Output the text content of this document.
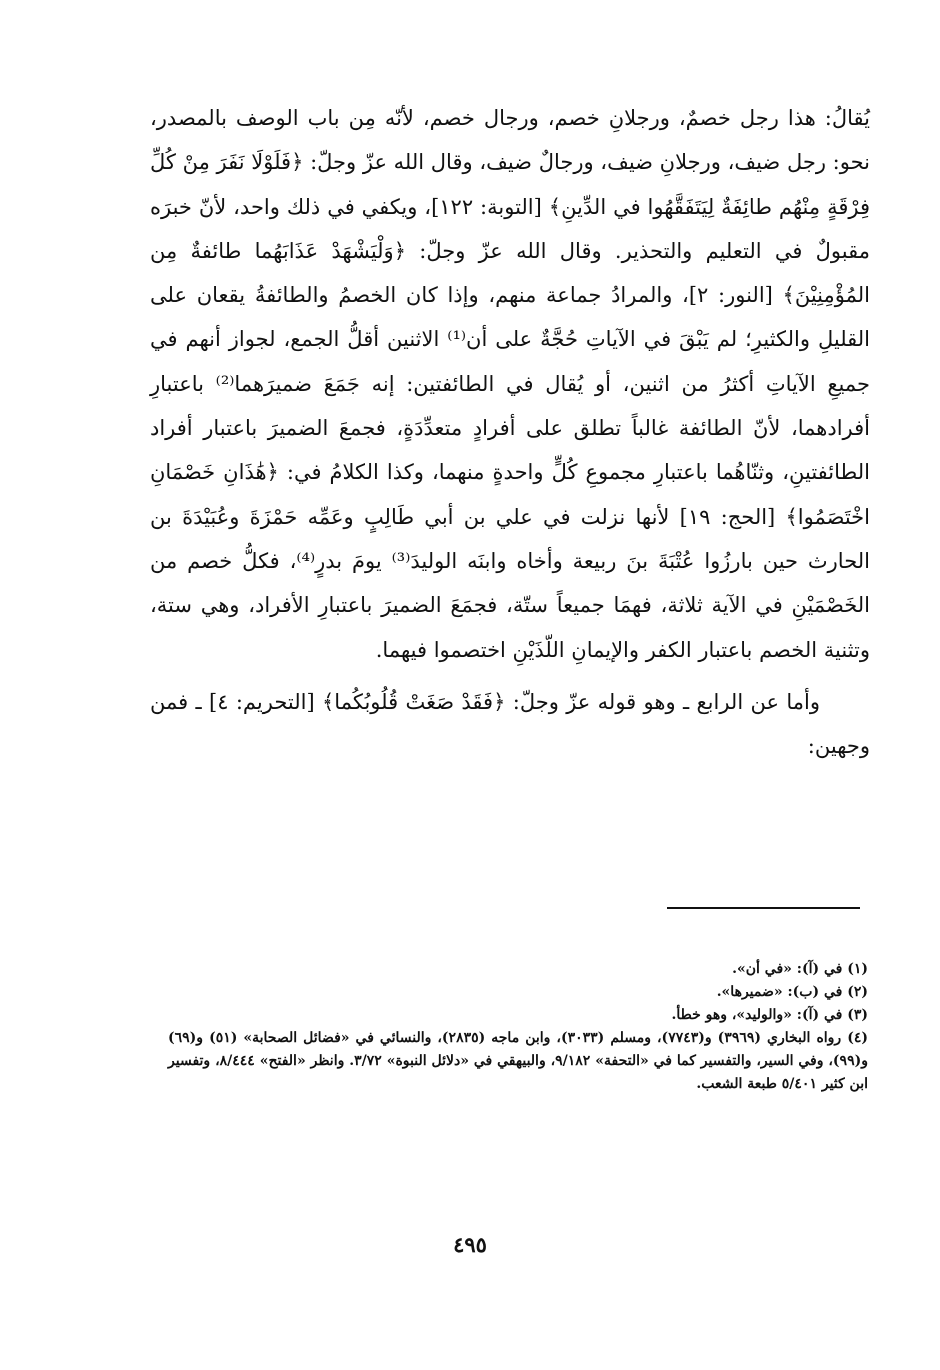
يُقالُ: هذا رجل خصمٌ، ورجلانِ خصم، ورجال خصم، لأنّه مِن باب الوصف بالمصدر، نحو: رجل ضيف، ورجلانِ ضيف، ورجالٌ ضيف، وقال الله عزّ وجلّ: ﴿فَلَوْلَا نَفَرَ مِنْ كُلِّ فِرْقَةٍ مِنْهُم طائِفَةٌ لِيَتَفَقَّهُوا في الدِّينِ﴾ [التوبة: ١٢٢]، ويكفي في ذلك واحد، لأنّ خبرَه مقبولٌ في التعليم والتحذير. وقال الله عزّ وجلّ: ﴿وَلْيَشْهَدْ عَذَابَهُما طائفةٌ مِن المُؤْمِنِيْنَ﴾ [النور: ٢]، والمرادُ جماعة منهم، وإذا كان الخصمُ والطائفةُ يقعان على القليلِ والكثيرِ؛ لم يَبْقَ في الآياتِ حُجَّةٌ على أن⁽¹⁾ الاثنين أقلُّ الجمع، لجواز أنهم في جميعِ الآياتِ أكثرُ من اثنين، أو يُقال في الطائفتين: إنه جَمَعَ ضميرَهما⁽²⁾ باعتبارِ أفرادهما، لأنّ الطائفة غالباً تطلق على أفرادٍ متعدِّدَةٍ، فجمعَ الضميرَ باعتبار أفراد الطائفتينِ، وثنّاهُما باعتبارِ مجموعِ كُلٍّ واحدةٍ منهما، وكذا الكلامُ في: ﴿هَٰذَانِ خَصْمَانِ اخْتَصَمُوا﴾ [الحج: ١٩] لأنها نزلت في علي بن أبي طَالِبٍ وعَمِّه حَمْزَةَ وعُبَيْدَةَ بن الحارث حين بارزُوا عُتْبَةَ بنَ ربيعة وأخاه وابنَه الوليدَ⁽³⁾ يومَ بدرٍ⁽⁴⁾، فكلُّ خصم من الخَصْمَيْنِ في الآية ثلاثة، فهمَا جميعاً ستّة، فجمَعَ الضميرَ باعتبارِ الأفراد، وهي ستة، وتثنية الخصم باعتبار الكفر والإيمانِ اللّذَيْنِ اختصموا فيهما.

وأما عن الرابع ـ وهو قوله عزّ وجلّ: ﴿فَقَدْ صَغَتْ قُلُوبُكُما﴾ [التحريم: ٤] ـ فمن وجهين:

(١) في (آ): «في أن».

(٢) في (ب): «ضميرها».

(٣) في (آ): «والوليد»، وهو خطأ.

(٤) رواه البخاري (٣٩٦٩) و(٧٧٤٣)، ومسلم (٣٠٣٣)، وابن ماجه (٢٨٣٥)، والنسائي في «فضائل الصحابة» (٥١) و(٦٩) و(٩٩)، وفي السير، والتفسير كما في «التحفة» ٩/١٨٢، والبيهقي في «دلائل النبوة» ٣/٧٢. وانظر «الفتح» ٨/٤٤٤، وتفسير ابن كثير ٥/٤٠١ طبعة الشعب.

٤٩٥
